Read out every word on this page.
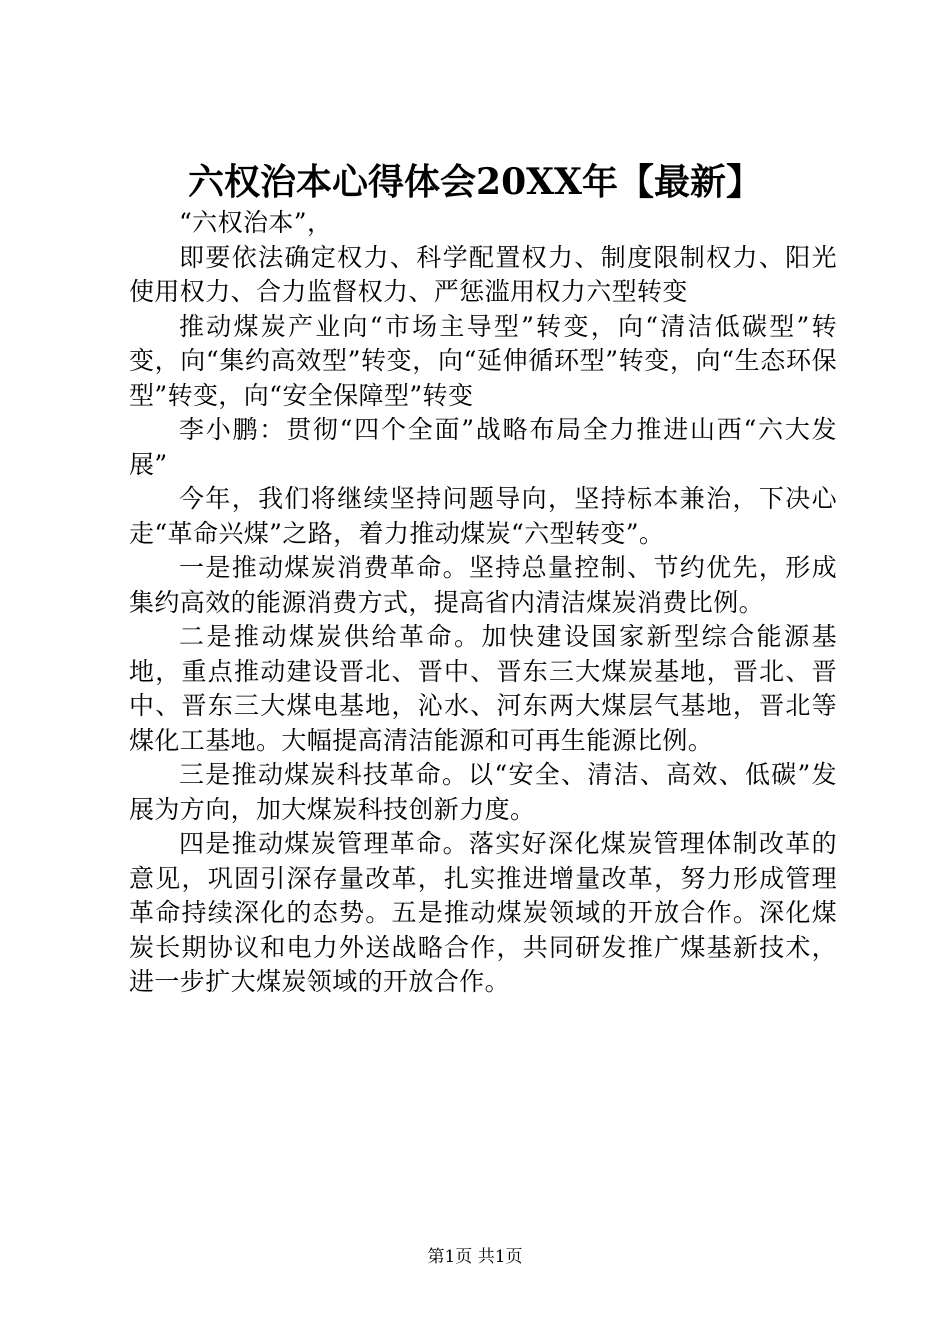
六权治本心得体会20XX年【最新】

“六权治本”，

即要依法确定权力、科学配置权力、制度限制权力、阳光使用权力、合力监督权力、严惩滥用权力六型转变

推动煤炭产业向“市场主导型”转变，向“清洁低碳型”转变，向“集约高效型”转变，向“延伸循环型”转变，向“生态环保型”转变，向“安全保障型”转变

李小鹏：贯彻“四个全面”战略布局全力推进山西“六大发展”

今年，我们将继续坚持问题导向，坚持标本兼治，下决心走“革命兴煤”之路，着力推动煤炭“六型转变”。

一是推动煤炭消费革命。坚持总量控制、节约优先，形成集约高效的能源消费方式，提高省内清洁煤炭消费比例。

二是推动煤炭供给革命。加快建设国家新型综合能源基地，重点推动建设晋北、晋中、晋东三大煤炭基地，晋北、晋中、晋东三大煤电基地，沁水、河东两大煤层气基地，晋北等煤化工基地。大幅提高清洁能源和可再生能源比例。

三是推动煤炭科技革命。以“安全、清洁、高效、低碳”发展为方向，加大煤炭科技创新力度。

四是推动煤炭管理革命。落实好深化煤炭管理体制改革的意见，巩固引深存量改革，扎实推进增量改革，努力形成管理革命持续深化的态势。五是推动煤炭领域的开放合作。深化煤炭长期协议和电力外送战略合作，共同研发推广煤基新技术，进一步扩大煤炭领域的开放合作。

第1页 共1页
